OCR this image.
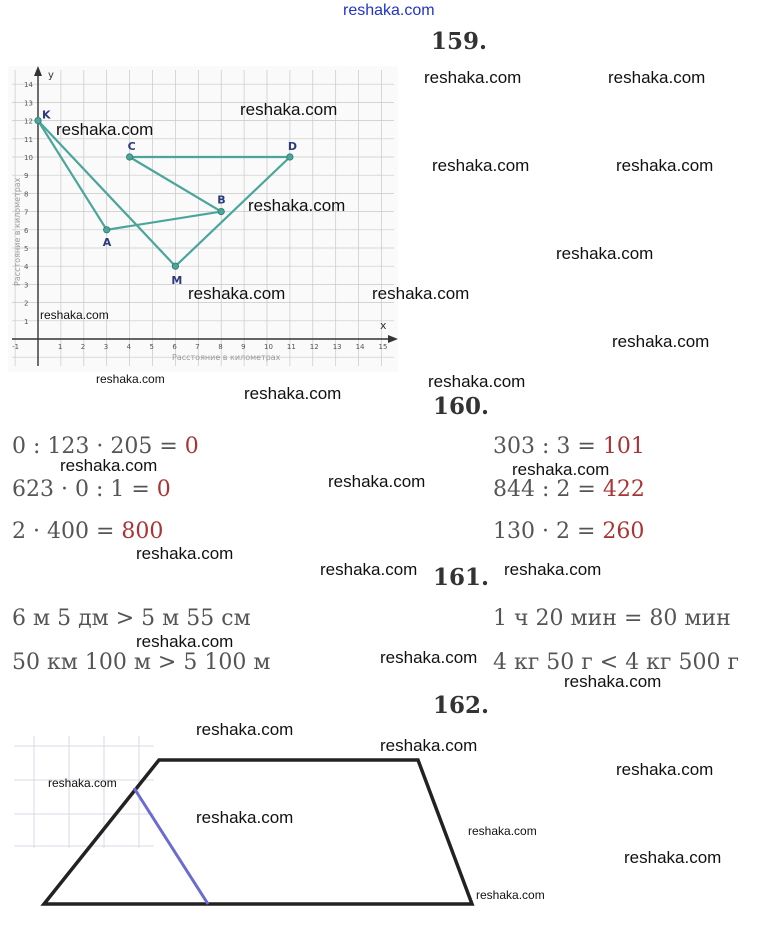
reshaka.com
159.
y
x
Расстояние в километрах
Расстояние в километрах
-1	1	2	3	4	5	6	7	8	9	10 11 12 13 14 15
1
2
3
4
5
6
7
8
9
10
11
12
13
14
K
C	D
B
A
M
160.
0 : 123 · 205 = 0
623 · 0 : 1 = 0
2 · 400 = 800
303 : 3 = 101
844 : 2 = 422
130 · 2 = 260
161.
6 м 5 дм > 5 м 55 см
50 км 100 м > 5 100 м
1 ч 20 мин = 80 мин
4 кг 50 г < 4 кг 500 г
162.
reshaka.com	reshaka.com
reshaka.com
reshaka.com
reshaka.com	reshaka.com
reshaka.com
reshaka.com
reshaka.com	reshaka.com
reshaka.com
reshaka.com
reshaka.com	reshaka.com
reshaka.com
reshaka.com	reshaka.com
reshaka.com
reshaka.com
reshaka.com	reshaka.com
reshaka.com
reshaka.com
reshaka.com
reshaka.com
reshaka.com
reshaka.com
reshaka.com
reshaka.com
reshaka.com
reshaka.com
reshaka.com
